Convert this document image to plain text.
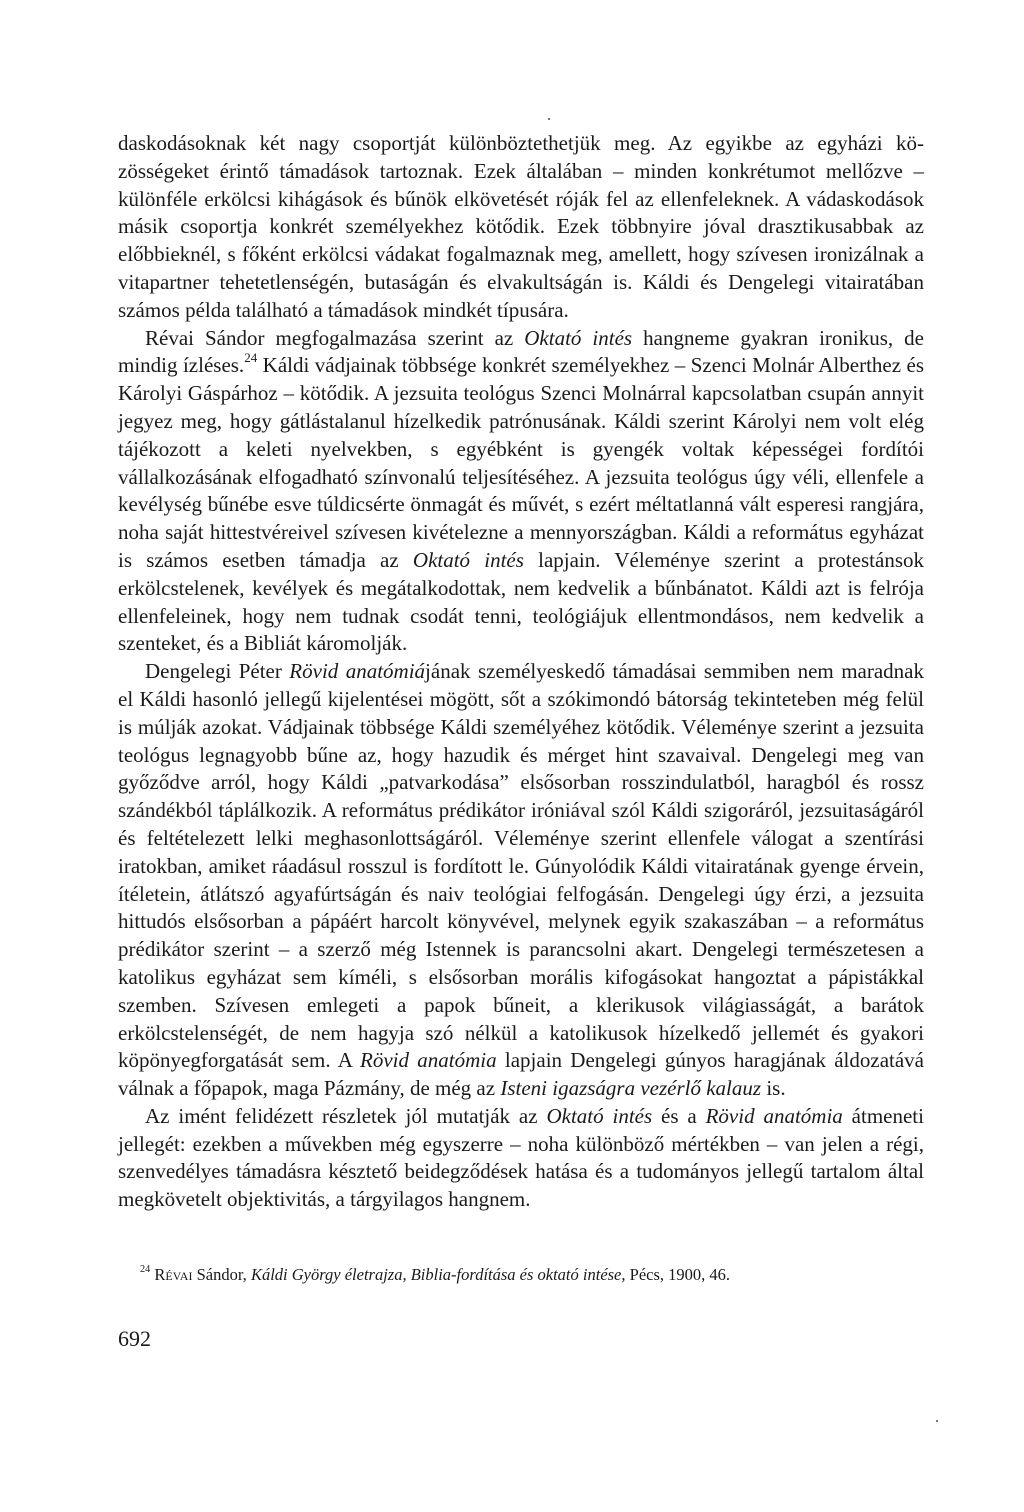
daskodásoknak két nagy csoportját különböztethetjük meg. Az egyikbe az egyházi közösségeket érintő támadások tartoznak. Ezek általában – minden konkrétumot mellőzve – különféle erkölcsi kihágások és bűnök elkövetését róják fel az ellenfeleknek. A vádaskodások másik csoportja konkrét személyekhez kötődik. Ezek többnyire jóval drasztikusabbak az előbbieknél, s főként erkölcsi vádakat fogalmaznak meg, amellett, hogy szívesen ironizálnak a vitapartner tehetetlenségén, butaságán és elvakultságán is. Káldi és Dengelegi vitairatában számos példa található a támadások mindkét típusára.

Révai Sándor megfogalmazása szerint az Oktató intés hangneme gyakran ironikus, de mindig ízléses.$^{24}$ Káldi vádjainak többsége konkrét személyekhez – Szenci Molnár Alberthez és Károlyi Gáspárhoz – kötődik. A jezsuita teológus Szenci Molnárral kapcsolatban csupán annyit jegyez meg, hogy gátlástalanul hízelkedik patrónusának. Káldi szerint Károlyi nem volt elég tájékozott a keleti nyelvekben, s egyébként is gyengék voltak képességei fordítói vállalkozásának elfogadható színvonalú teljesítéséhez. A jezsuita teológus úgy véli, ellenfele a kevélység bűnébe esve túldicsérte önmagát és művét, s ezért méltatlanná vált esperesi rangjára, noha saját hittestvéreivel szívesen kivételezne a mennyországban. Káldi a református egyházat is számos esetben támadja az Oktató intés lapjain. Véleménye szerint a protestánsok erkölcstelenek, kevélyek és megátalkodottak, nem kedvelik a bűnbánatot. Káldi azt is felrója ellenfeleinek, hogy nem tudnak csodát tenni, teológiájuk ellentmondásos, nem kedvelik a szenteket, és a Bibliát káromolják.

Dengelegi Péter Rövid anatómiájának személyeskedő támadásai semmiben nem maradnak el Káldi hasonló jellegű kijelentései mögött, sőt a szókimondó bátorság tekinteteben még felül is múlják azokat. Vádjainak többsége Káldi személyéhez kötődik. Véleménye szerint a jezsuita teológus legnagyobb bűne az, hogy hazudik és mérget hint szavaival. Dengelegi meg van győződve arról, hogy Káldi „patvarkodása” elsősorban rosszindulatból, haragból és rossz szándékból táplálkozik. A református prédikátor iróniával szól Káldi szigoráról, jezsuitaságáról és feltételezett lelki meghasonlottságáról. Véleménye szerint ellenfele válogat a szentírási iratokban, amiket ráadásul rosszul is fordított le. Gúnyolódik Káldi vitairatának gyenge érvein, ítéletein, átlátszó agyafúrtságán és naiv teológiai felfogásán. Dengelegi úgy érzi, a jezsuita hittudós elsősorban a pápáért harcolt könyvével, melynek egyik szakaszában – a református prédikátor szerint – a szerző még Istennek is parancsolni akart. Dengelegi természetesen a katolikus egyházat sem kíméli, s elsősorban morális kifogásokat hangoztat a pápistákkal szemben. Szívesen emlegeti a papok bűneit, a klerikusok világiasságát, a barátok erkölcstelenségét, de nem hagyja szó nélkül a katolikusok hízelkedő jellemét és gyakori köpönyegforgatását sem. A Rövid anatómia lapjain Dengelegi gúnyos haragjának áldozatává válnak a főpapok, maga Pázmány, de még az Isteni igazságra vezérlő kalauz is.

Az imént felidézett részletek jól mutatják az Oktató intés és a Rövid anatómia átmeneti jellegét: ezekben a művekben még egyszerre – noha különböző mértékben – van jelen a régi, szenvedélyes támadásra késztető beidegződések hatása és a tudományos jellegű tartalom által megkövetelt objektivitás, a tárgyilagos hangnem.

$^{24}$ Révai Sándor, Káldi György életrajza, Biblia-fordítása és oktató intése, Pécs, 1900, 46.
692
